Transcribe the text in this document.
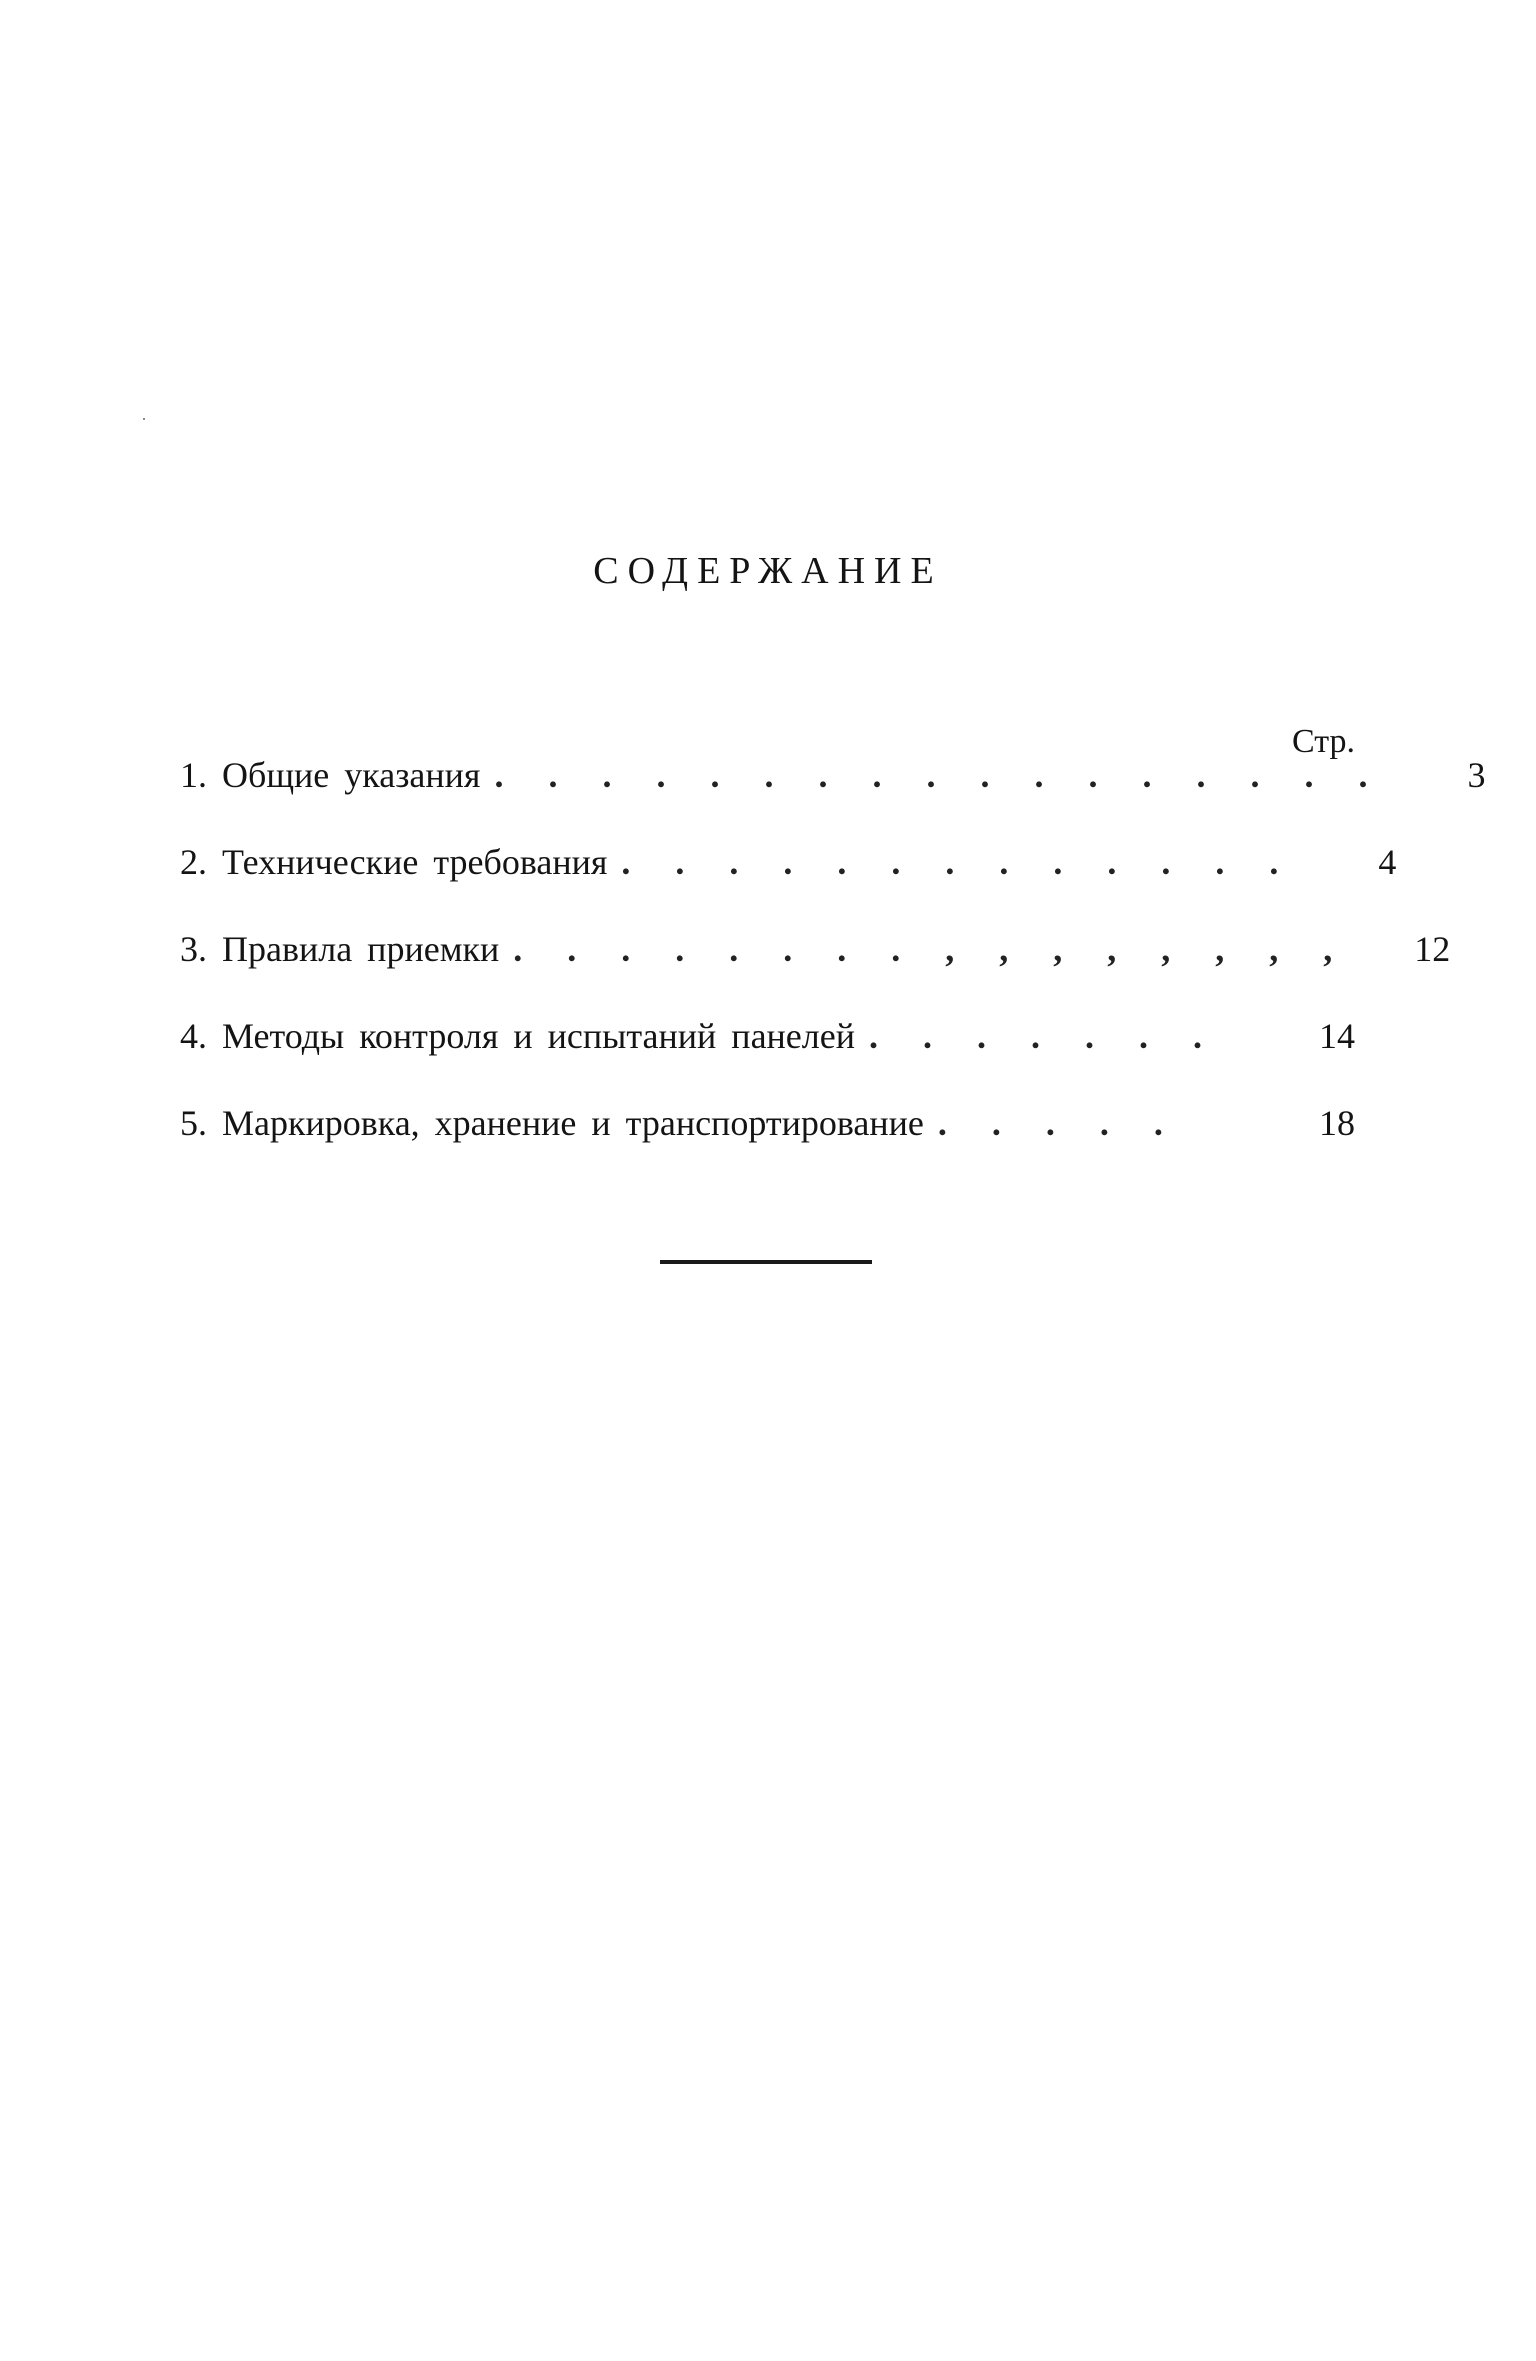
СОДЕРЖАНИЕ
Стр.
1. Общие указания . . . . . . . . . . . . . . . . .	3
2. Технические требования . . . . . . . . . . . . .	4
3. Правила приемки . . . . . . . . , , , , , , , ,	12
4. Методы контроля и испытаний панелей . . . . . . .	14
5. Маркировка, хранение и транспортирование . . . . .	18
